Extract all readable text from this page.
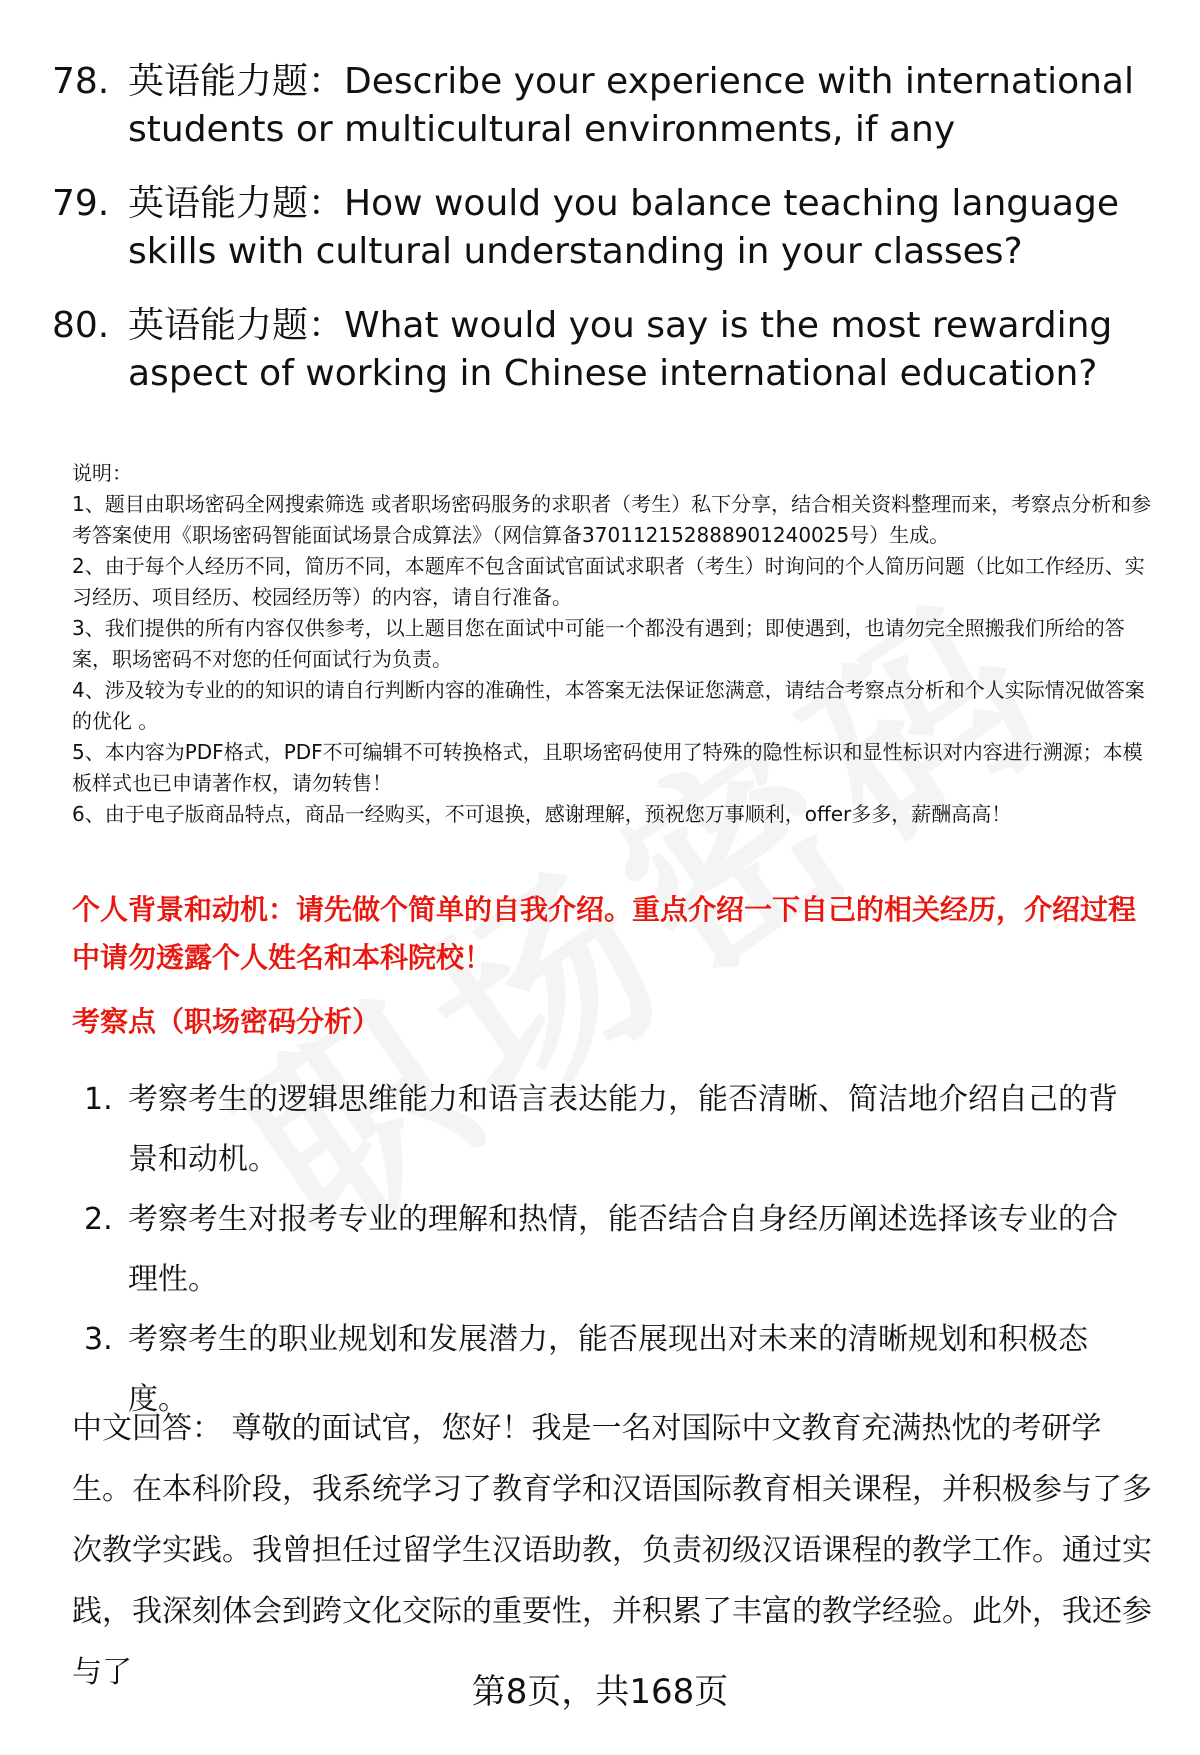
78. 英语能力题：Describe your experience with international students or multicultural environments, if any
79. 英语能力题：How would you balance teaching language skills with cultural understanding in your classes?
80. 英语能力题：What would you say is the most rewarding aspect of working in Chinese international education?

说明：

1、题目由职场密码全网搜索筛选 或者职场密码服务的求职者（考生）私下分享，结合相关资料整理而来，考察点分析和参考答案使用《职场密码智能面试场景合成算法》（网信算备370112152888901240025号）生成。

2、由于每个人经历不同，简历不同，本题库不包含面试官面试求职者（考生）时询问的个人简历问题（比如工作经历、实习经历、项目经历、校园经历等）的内容，请自行准备。

3、我们提供的所有内容仅供参考，以上题目您在面试中可能一个都没有遇到；即使遇到，也请勿完全照搬我们所给的答案，职场密码不对您的任何面试行为负责。

4、涉及较为专业的的知识的请自行判断内容的准确性，本答案无法保证您满意，请结合考察点分析和个人实际情况做答案的优化 。

5、本内容为PDF格式，PDF不可编辑不可转换格式，且职场密码使用了特殊的隐性标识和显性标识对内容进行溯源；本模板样式也已申请著作权，请勿转售！

6、由于电子版商品特点，商品一经购买，不可退换，感谢理解，预祝您万事顺利，offer多多，薪酬高高！

个人背景和动机：请先做个简单的自我介绍。重点介绍一下自己的相关经历，介绍过程中请勿透露个人姓名和本科院校！
考察点（职场密码分析）
1. 考察考生的逻辑思维能力和语言表达能力，能否清晰、简洁地介绍自己的背景和动机。
2. 考察考生对报考专业的理解和热情，能否结合自身经历阐述选择该专业的合理性。
3. 考察考生的职业规划和发展潜力，能否展现出对未来的清晰规划和积极态度。
中文回答： 尊敬的面试官，您好！我是一名对国际中文教育充满热忱的考研学生。在本科阶段，我系统学习了教育学和汉语国际教育相关课程，并积极参与了多次教学实践。我曾担任过留学生汉语助教，负责初级汉语课程的教学工作。通过实践，我深刻体会到跨文化交际的重要性，并积累了丰富的教学经验。此外，我还参与了	第8页，共168页
